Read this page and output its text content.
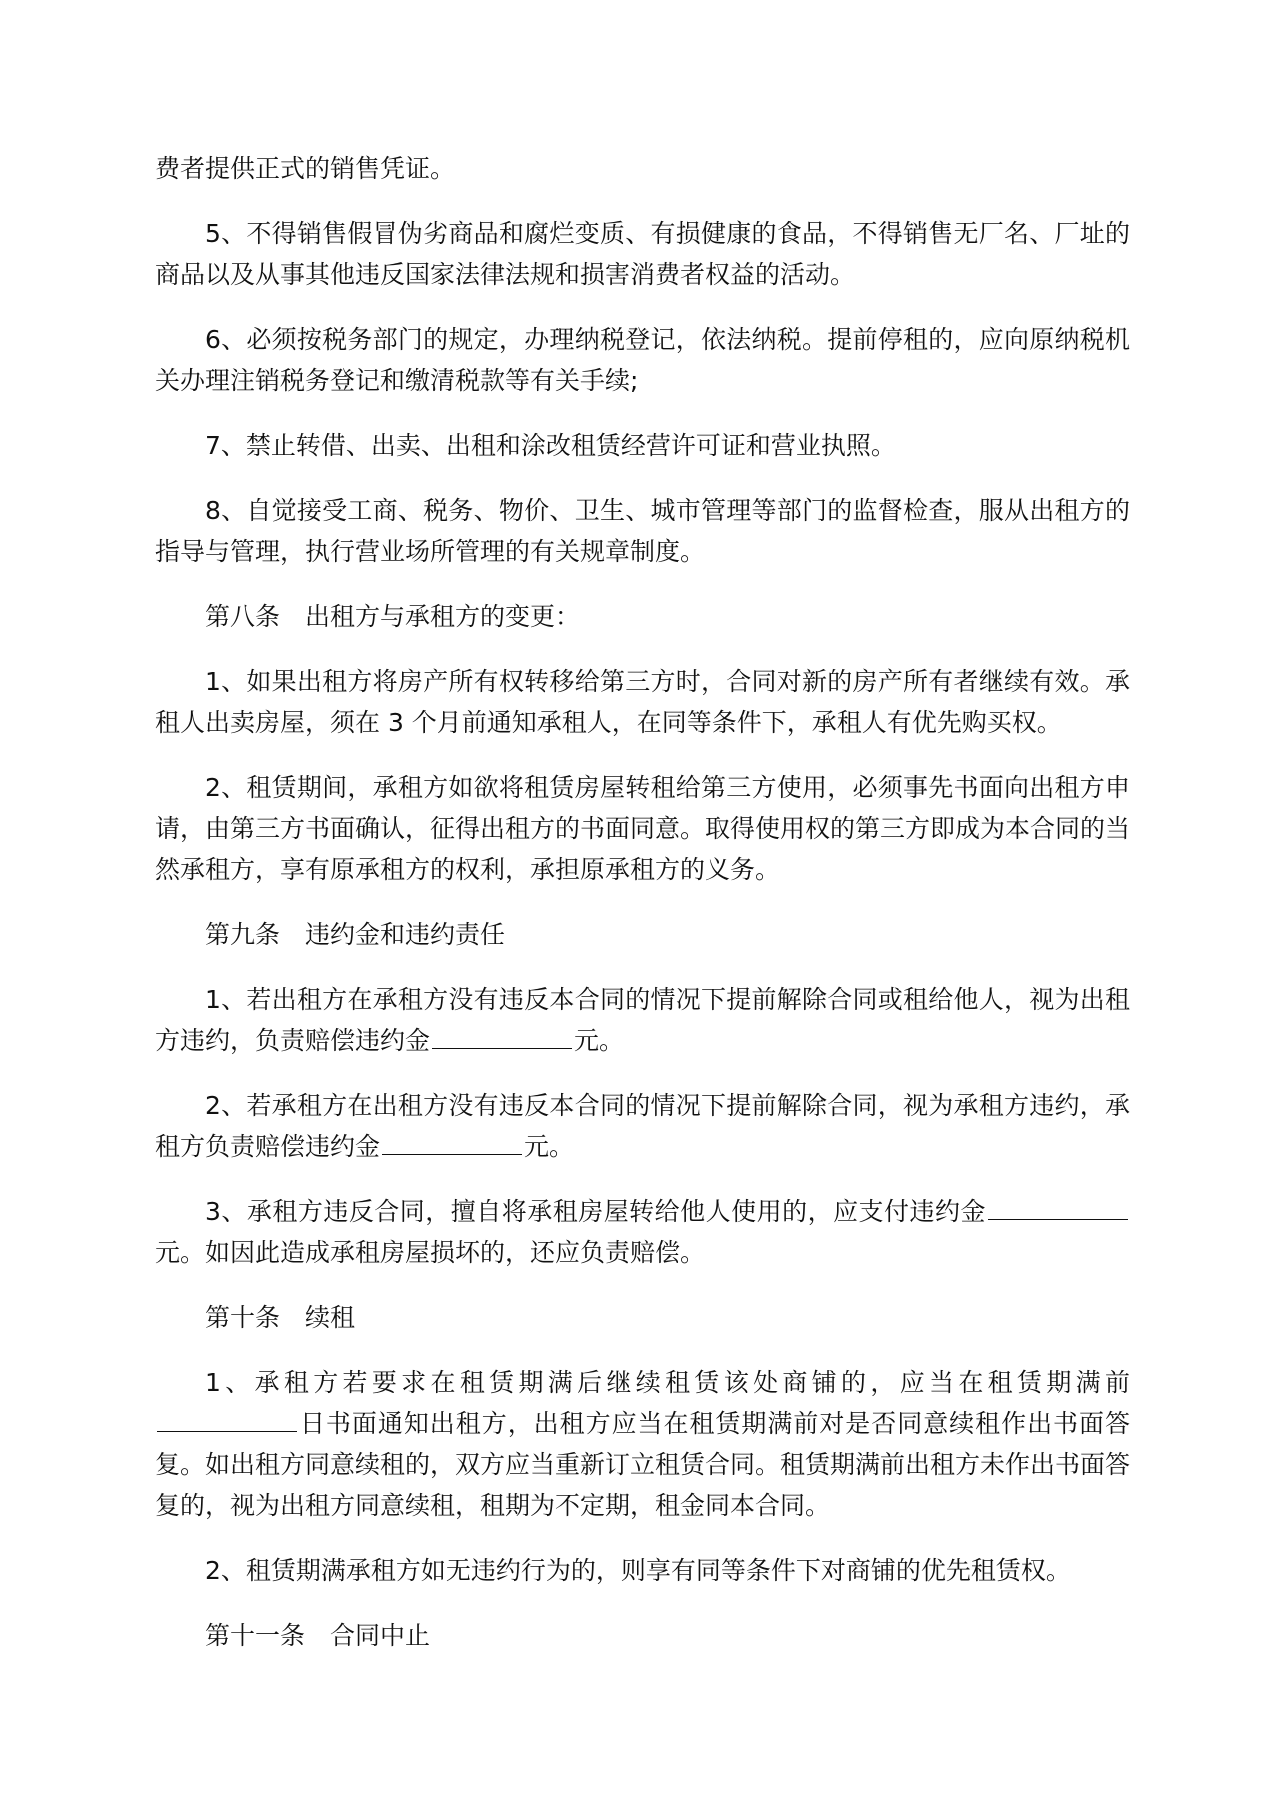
费者提供正式的销售凭证。

5、不得销售假冒伪劣商品和腐烂变质、有损健康的食品，不得销售无厂名、厂址的商品以及从事其他违反国家法律法规和损害消费者权益的活动。

6、必须按税务部门的规定，办理纳税登记，依法纳税。提前停租的，应向原纳税机关办理注销税务登记和缴清税款等有关手续;

7、禁止转借、出卖、出租和涂改租赁经营许可证和营业执照。

8、自觉接受工商、税务、物价、卫生、城市管理等部门的监督检查，服从出租方的指导与管理，执行营业场所管理的有关规章制度。

第八条 出租方与承租方的变更：

1、如果出租方将房产所有权转移给第三方时，合同对新的房产所有者继续有效。承租人出卖房屋，须在 3 个月前通知承租人，在同等条件下，承租人有优先购买权。

2、租赁期间，承租方如欲将租赁房屋转租给第三方使用，必须事先书面向出租方申请，由第三方书面确认，征得出租方的书面同意。取得使用权的第三方即成为本合同的当然承租方，享有原承租方的权利，承担原承租方的义务。

第九条 违约金和违约责任

1、若出租方在承租方没有违反本合同的情况下提前解除合同或租给他人，视为出租方违约，负责赔偿违约金	元。

2、若承租方在出租方没有违反本合同的情况下提前解除合同，视为承租方违约，承租方负责赔偿违约金	元。

3、承租方违反合同，擅自将承租房屋转给他人使用的，应支付违约金元。如因此造成承租房屋损坏的，还应负责赔偿。

第十条 续租

1、承租方若要求在租赁期满后继续租赁该处商铺的，应当在租赁期满前日书面通知出租方，出租方应当在租赁期满前对是否同意续租作出书面答复。如出租方同意续租的，双方应当重新订立租赁合同。租赁期满前出租方未作出书面答复的，视为出租方同意续租，租期为不定期，租金同本合同。

2、租赁期满承租方如无违约行为的，则享有同等条件下对商铺的优先租赁权。

第十一条 合同中止
